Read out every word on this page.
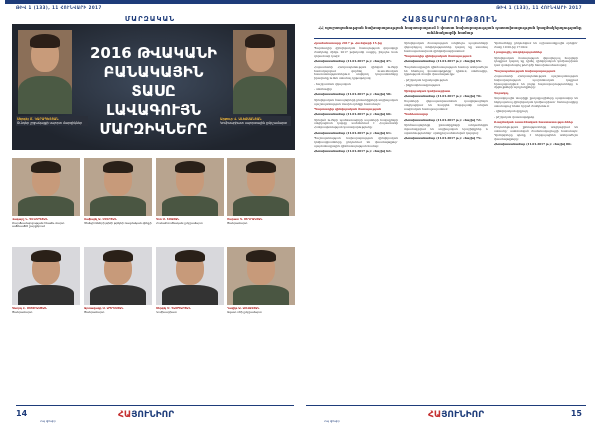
ԹԻՎ 1 (133), 11 ՀՈՒՆՎԱՐԻ 2017
ՄԱՐԶԱԿԱՆ
2016 ԹՎԱԿԱՆԻ
ԲԱՆԱԿԱՅԻՆ
ՏԱՍԸ
ԼԱՎԱԳՈՒՅՆ
ՄԱՐԶԻԿՆԵՐԸ
Սերգեյ Մ. ԿԱՐԱՊԵՏՅԱՆ
Թ-նդեր շրջակայքի սպորտ մարզիկներ
Արթուր Վ. ԱԼԵՔՍԱՆՅԱՆ
Կոմիսարիատ սպորտային ըմբշամարտ
Վագարշ Ն. ԳԵՎՈՐԳՅԱՆ
Մարմնամարզության հնաձև մարտ ամենամեծ շարքերում
Ռաֆայել Ա. ՄՀԵՐՅԱՆ
Չեմպիոնների թիմի թրեյնի ռազմական զենքի
Գոռ Ս. ԵՍԱՅԱՆ
Հունահռոմեական ըմբշամարտ
Մարատ Գ. ՍԵԴՐԱԿՅԱՆ
Ծանրամարտ
Գևորգ Հ. ՍՈՒՔԻԱՍՅԱՆ
Ծանրամարտ
Արտավազդ Ս. ԱՊՐԵՍՅԱՆ
Ծանրամարտ
Սերգեյ Մ. ԳԱՍՊԱՐՅԱՆ
Կոմիսարիատ
Դավիթ Ա. ԱՅՎԱԶՅԱՆ
Ազատ ոճի ըմբշամարտ
14	ՀԱՅՈՒՆԻՈՐ
Հայ զինվոր
ԹԻՎ 1 (133), 11 ՀՈՒՆՎԱՐԻ 2017
ՀԱՅՏԱՐԱՐՈՒԹՅՈՒՆ
ՀՀ պաշտպանության նախարարության հայտարարում է փաստ նախարարության դատախազության կազմակերպությանը անձնակազմի համար

Հրամանատարը 2017 թ. Հունվարի 15-ից

Պարտադիր զինվորական ծառայության զորակոչի ժամկետը մինչև 2017 թվականի ապրիլ, ինչպես նաև զորամասի կազմ։

Հեռախոսահամար (11.01.2017 թ.): «հաշիվ 47»

Հայաստանի Հանրապետության զինված ուժերի համակարգում գործող ուսումնական հաստատություններում սովորող կուրսանտները իրավունք ունեն ստանալ կրթաթոշակ։

- հաշվառման վկայական

- անձնագիր

Հեռախոսահամար (11.01.2017 թ.): «հաշիվ 58»

Զինվորական ծառայողների ընտանիքների սոցիալական պաշտպանության մասին օրենքի համաձայն։

Պարտադիր զինվորական ծառայության

Հեռախոսահամար (11.01.2017 թ.): «հաշիվ 60»

Զինված ուժերի պահեստազորի սպաների հավաքների անցկացման կարգը սահմանում է Հայաստանի Հանրապետության կառավարությունը։

Հեռախոսահամար (11.01.2017 թ.): «հաշիվ 61»

Պաշտպանության նախարարության զինվորական կոմիսարիատները ընդունում են փաստաթղթեր՝ պայմանագրային զինծառայության համար։

Հեռախոսահամար (11.01.2017 թ.): «հաշիվ 62»

Զինվորական ծառայության անցնելու պայմանների վերաբերյալ տեղեկություններ կարող եք ստանալ համապատասխան զինկոմիսարիատում։

Պարտադիր զինվորական ծառայություն

Հեռախոսահամար (11.01.2017 թ.): «հաշիվ 65»

Պայմանագրային զինծառայության համար անհրաժեշտ են հետևյալ փաստաթղթերը՝ դիմում, անձնագիր, կրթության մասին փաստաթուղթ։

- բժշկական եզրակացություն

- ինքնակենսագրություն

Զինվորական կոմիսարիատ

Հեռախոսահամար (11.01.2017 թ.): «հաշիվ 70»

Սպաների վերապատրաստման դասընթացներն անցկացվում են Վազգեն Սարգսյանի անվան ռազմական համալսարանում։

Պահեստազոր

Հեռախոսահամար (11.01.2017 թ.): «հաշիվ 72»

Զինծառայողների ընտանիքների անդամներին տրամադրվում են սոցիալական երաշխիքներ և արտոնություններ՝ օրենքով սահմանված կարգով։

Հեռախոսահամար (11.01.2017 թ.): «հաշիվ 75»

Դիմումները ընդունվում են աշխատանքային օրերին՝ ժամը 10։00-ից 17։00-ն։

Լրացուցիչ տեղեկություններ

Զինվորական ծառայության վերաբերյալ հարցերի դեպքում կարող եք դիմել զինվորական կոմիսարիատ կամ զանգահարել թեժ գծի հեռախոսահամարով։

Պաշտպանության նախարարություն

Հայաստանի Հանրապետության պաշտպանության նախարարության պաշտոնական կայքում հրապարակվում են բոլոր հայտարարությունները և մրցույթների արդյունքները։

Զորակոչ

Զորակոչային տարիքի քաղաքացիները պարտավոր են ներկայանալ զինվորական կոմիսարիատ՝ ծանուցագիրը ստանալուց հետո նշված ժամկետում։

- զինվորական գրքույկ

- բժշկական փաստաթղթեր

Ռազմական ուսումնական հաստատություններ

Ընդունելության քննությունները անցկացվում են ամռանը՝ սահմանված ժամանակացույցի համաձայն։ Դիմորդները պետք է ներկայացնեն անհրաժեշտ փաստաթղթերը։

Հեռախոսահամար (11.01.2017 թ.): «հաշիվ 80»

ՀԱՅՈՒՆԻՈՐ
Հայ զինվոր
15
